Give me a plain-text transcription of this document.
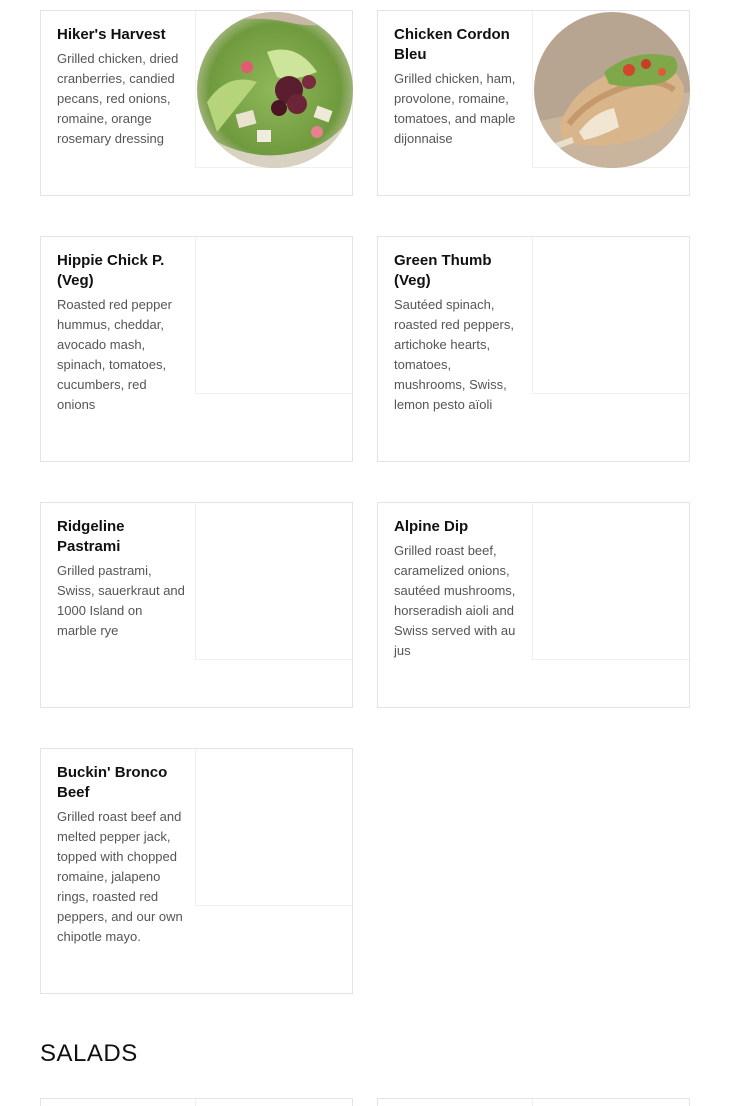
Hiker's Harvest

Grilled chicken, dried cranberries, candied pecans, red onions, romaine, orange rosemary dressing

Chicken Cordon Bleu

Grilled chicken, ham, provolone, romaine, tomatoes, and maple dijonnaise

Hippie Chick P. (Veg)

Roasted red pepper hummus, cheddar, avocado mash, spinach, tomatoes, cucumbers, red onions

Green Thumb (Veg)

Sautéed spinach, roasted red peppers, artichoke hearts, tomatoes, mushrooms, Swiss, lemon pesto aïoli

Ridgeline Pastrami

Grilled pastrami, Swiss, sauerkraut and 1000 Island on marble rye

Alpine Dip

Grilled roast beef, caramelized onions, sautéed mushrooms, horseradish aioli and Swiss served with au jus

Buckin' Bronco Beef

Grilled roast beef and melted pepper jack, topped with chopped romaine, jalapeno rings, roasted red peppers, and our own chipotle mayo.

SALADS
